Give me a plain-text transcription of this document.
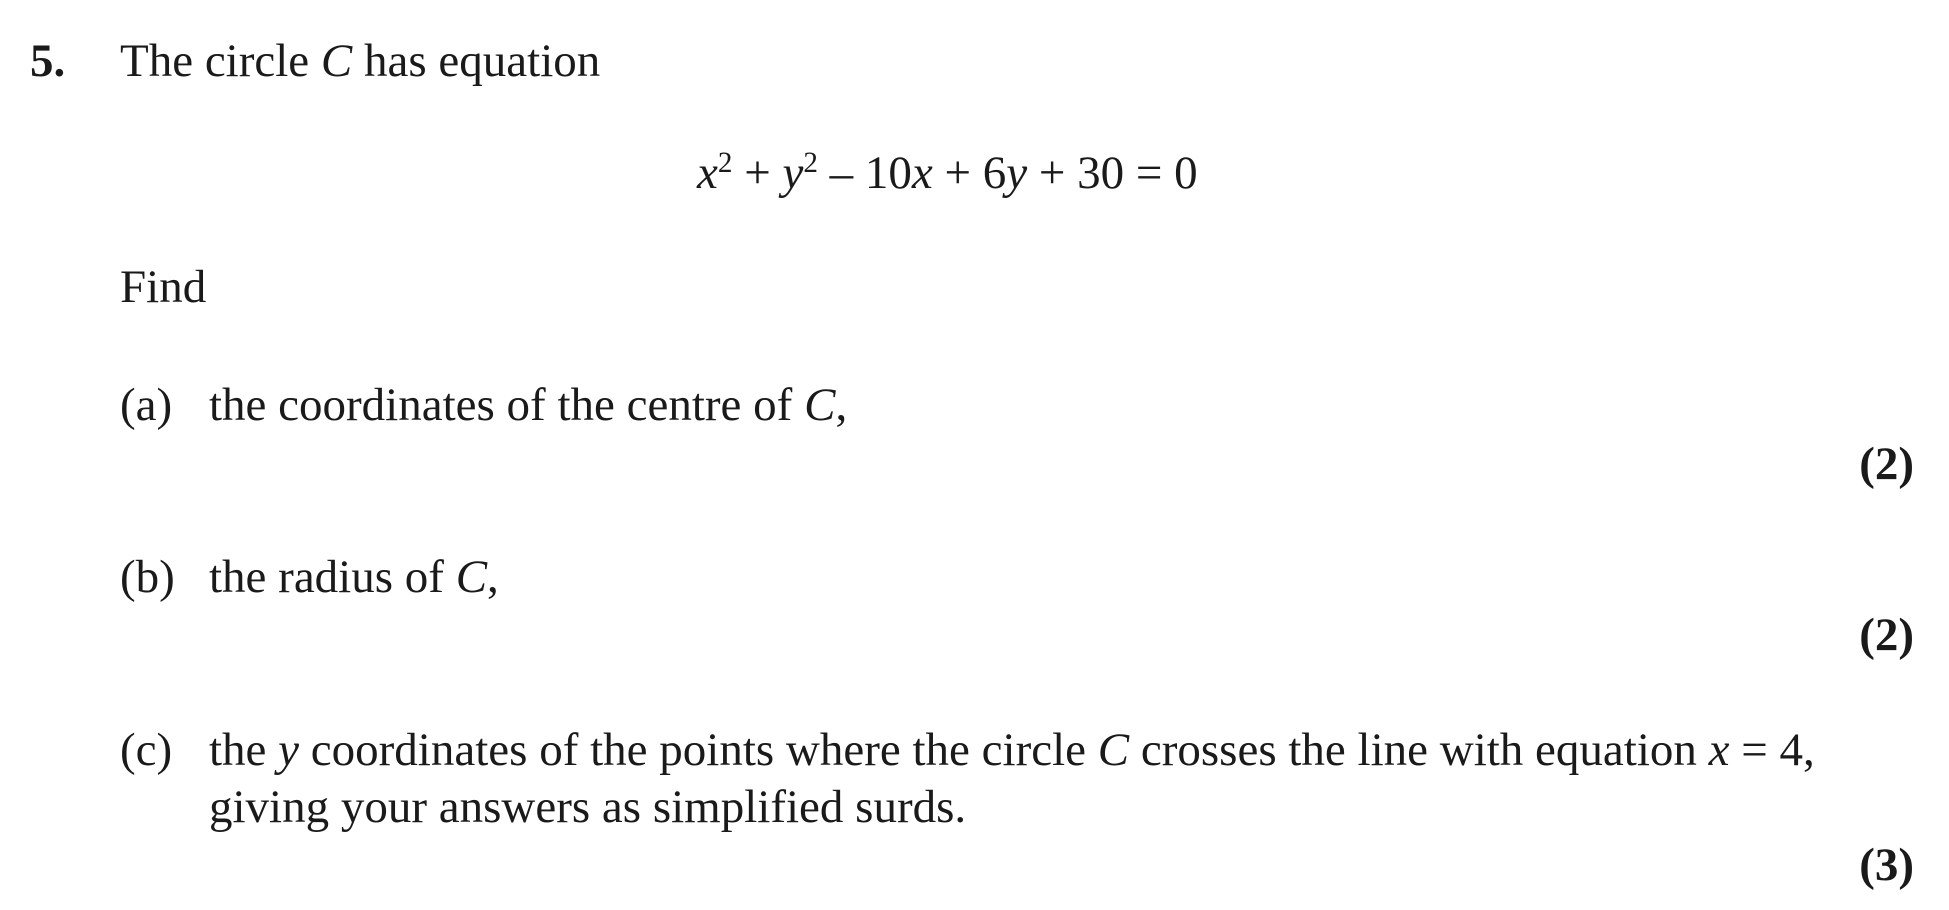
5. The circle C has equation
$x^2 + y^2 - 10x + 6y + 30 = 0$
Find
(a) the coordinates of the centre of C,
(2)
(b) the radius of C,
(2)
(c) the y coordinates of the points where the circle C crosses the line with equation x = 4,
giving your answers as simplified surds.
(3)
